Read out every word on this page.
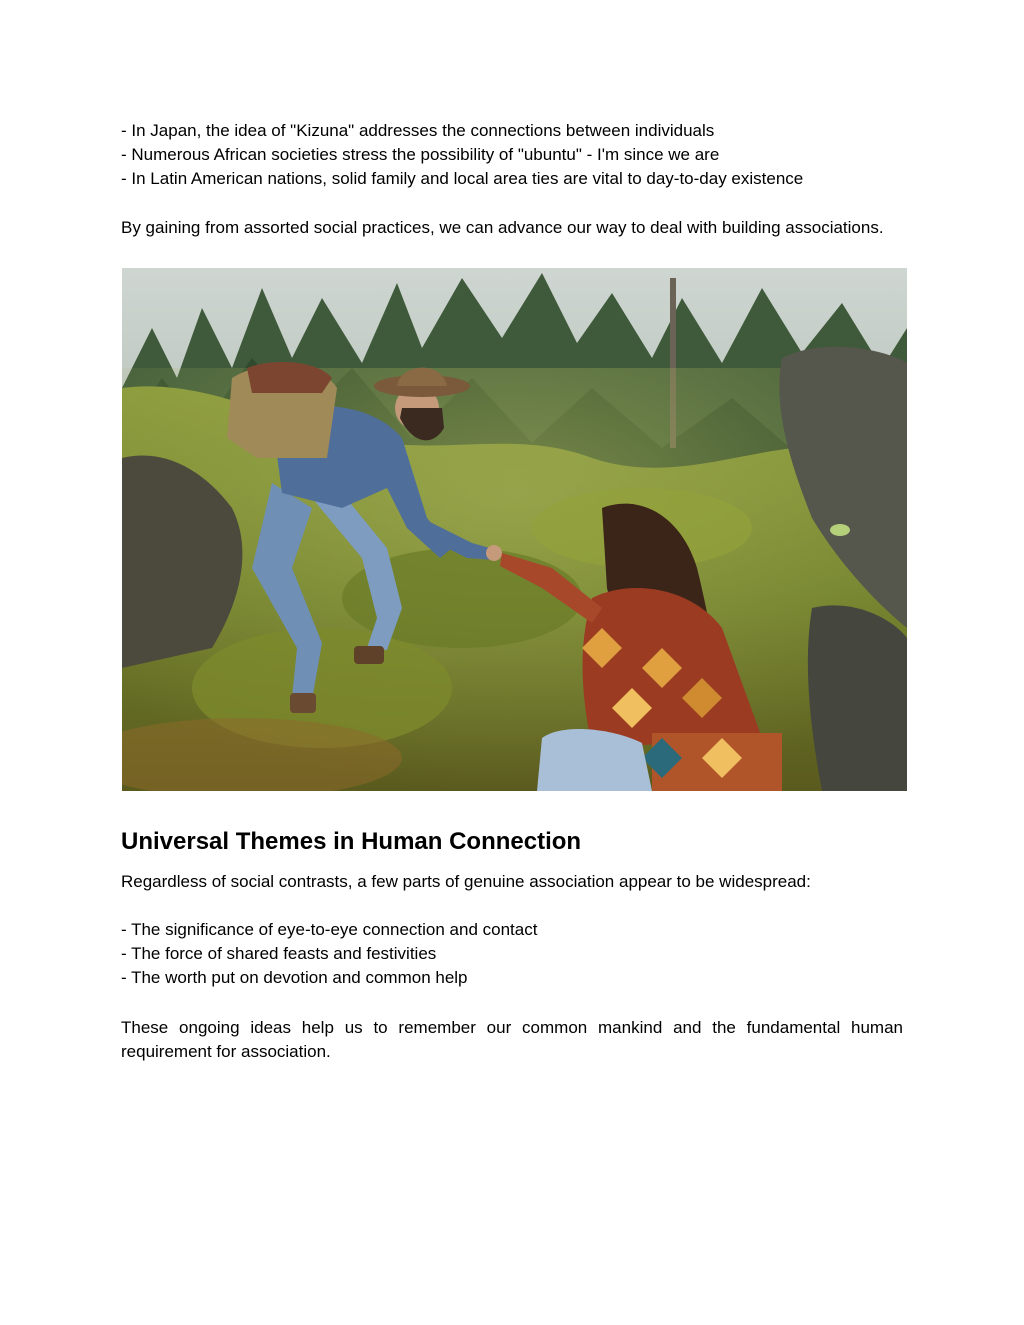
- In Japan, the idea of "Kizuna" addresses the connections between individuals

- Numerous African societies stress the possibility of "ubuntu" - I'm since we are

- In Latin American nations, solid family and local area ties are vital to day-to-day existence

By gaining from assorted social practices, we can advance our way to deal with building associations.

Universal Themes in Human Connection

Regardless of social contrasts, a few parts of genuine association appear to be widespread:

- The significance of eye-to-eye connection and contact

- The force of shared feasts and festivities

- The worth put on devotion and common help

These ongoing ideas help us to remember our common mankind and the fundamental human requirement for association.
